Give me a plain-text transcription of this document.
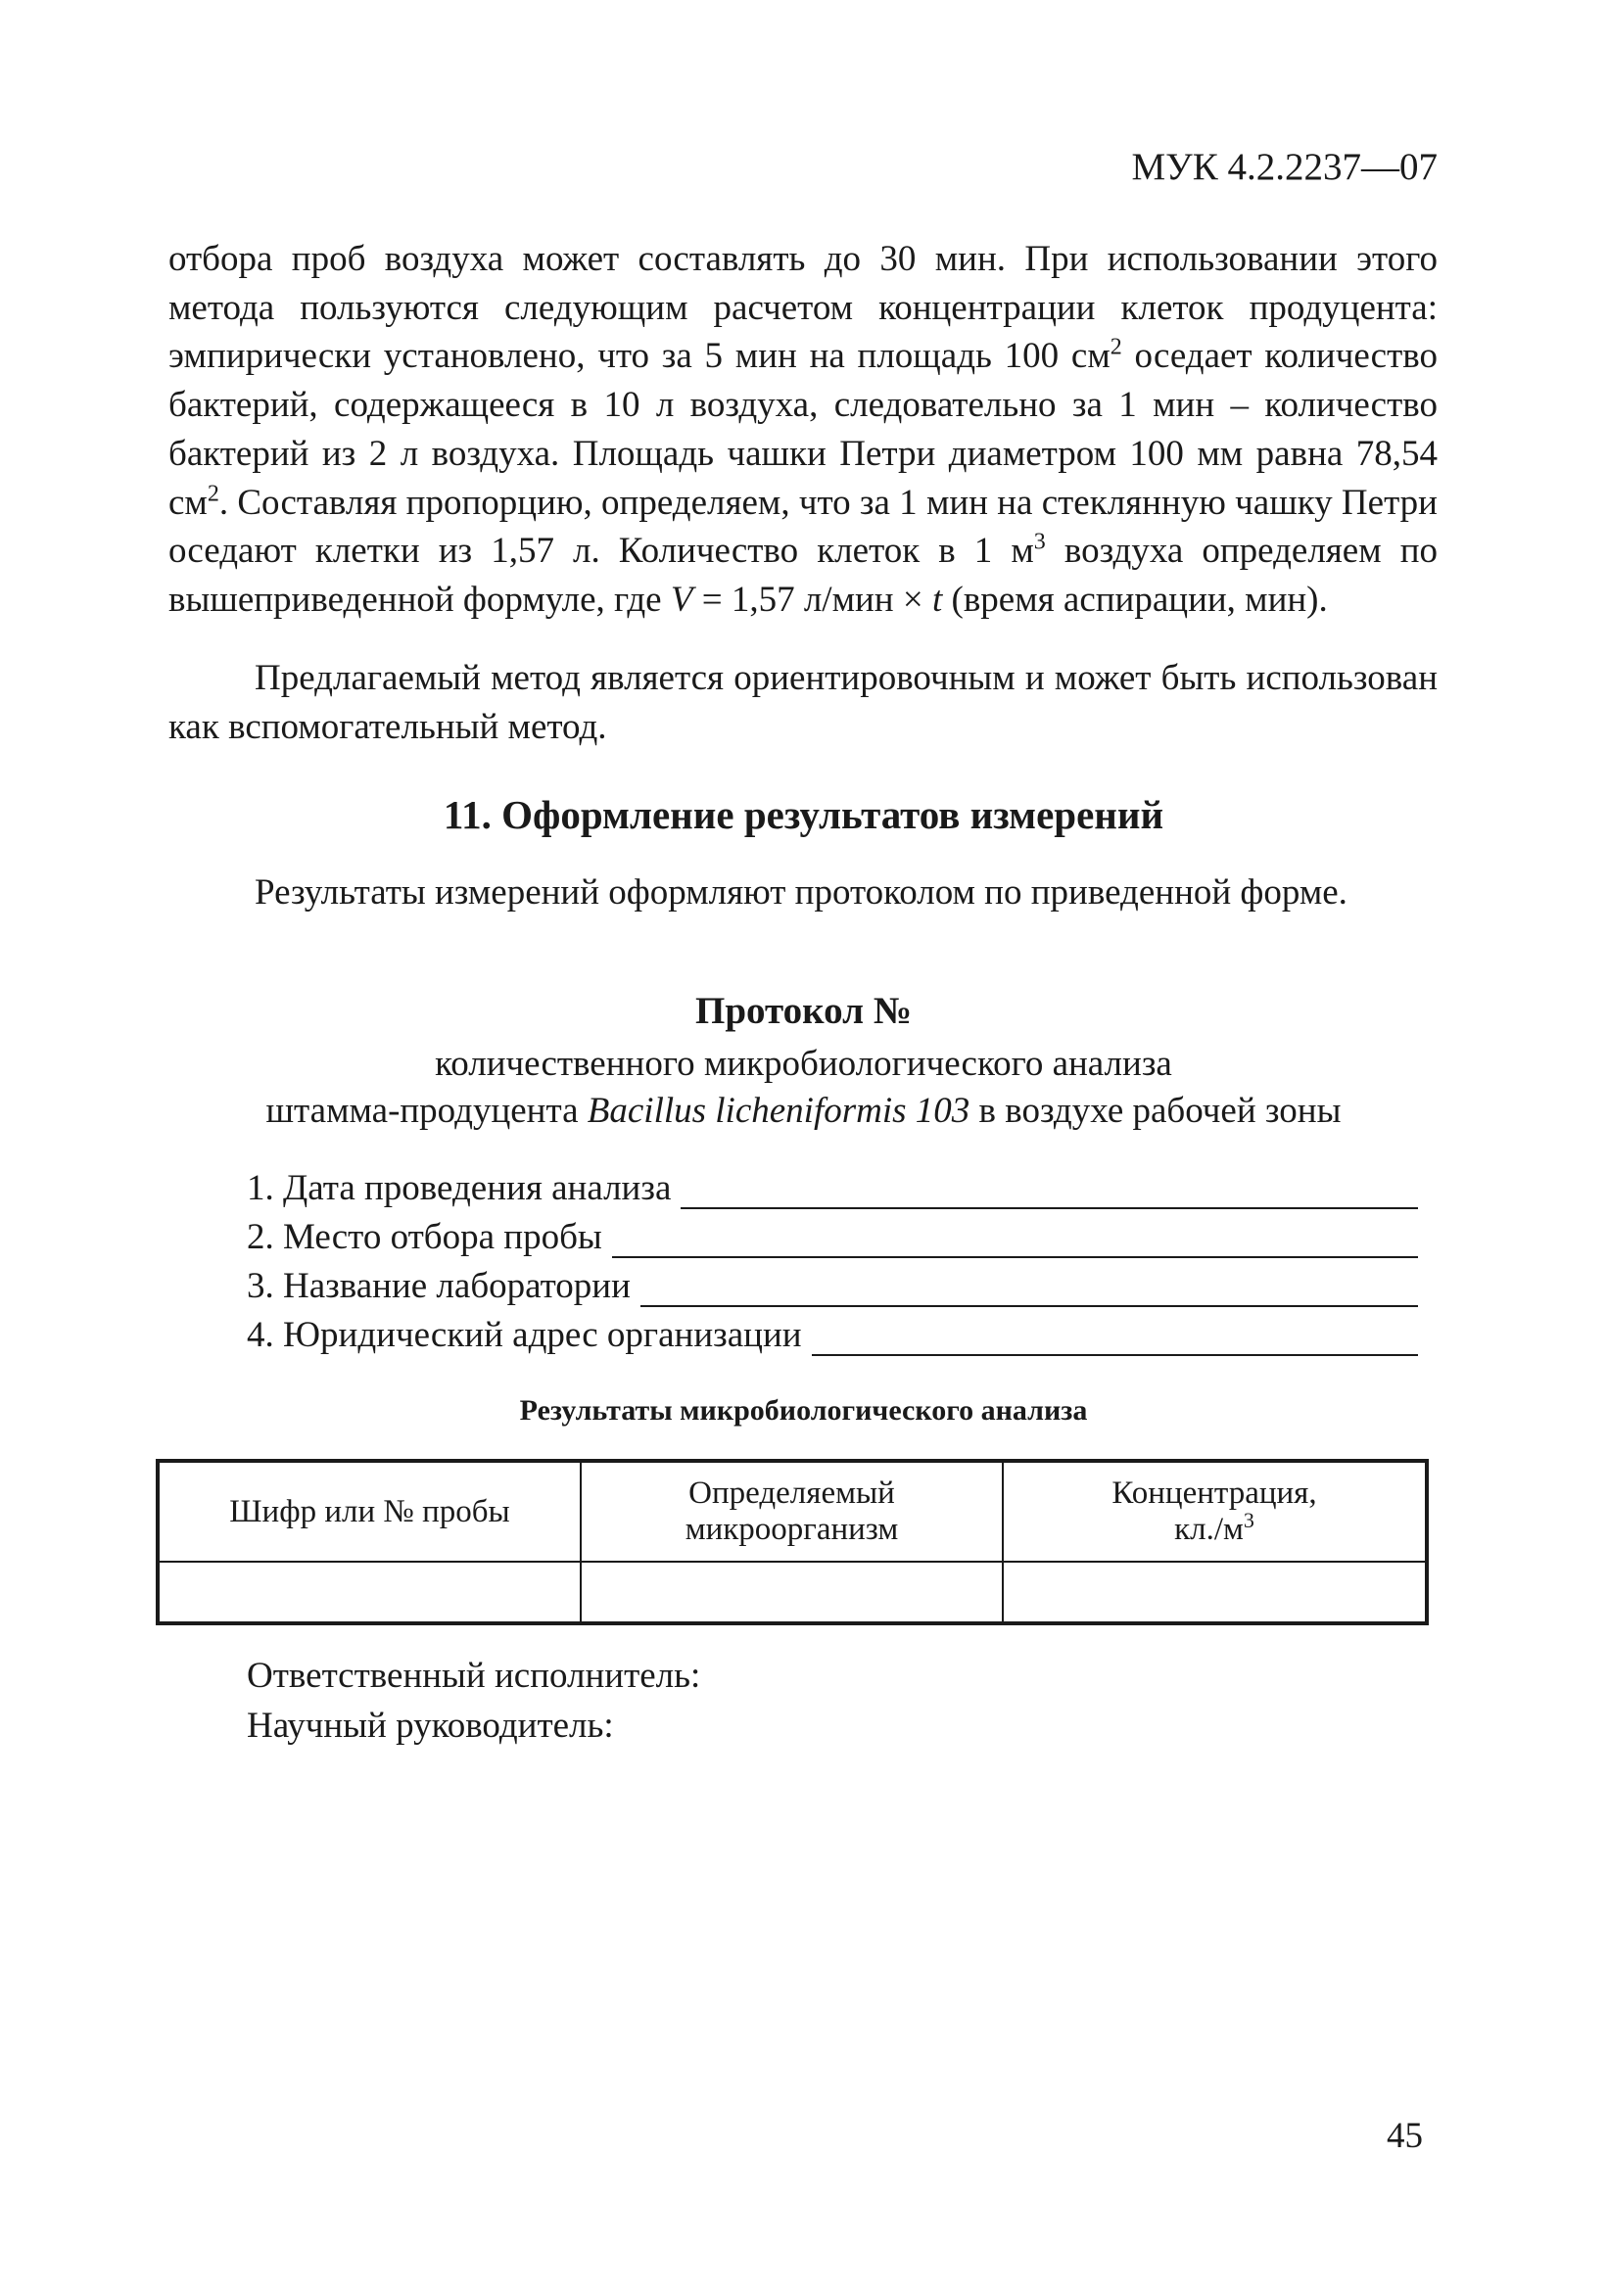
МУК 4.2.2237—07

отбора проб воздуха может составлять до 30 мин. При использовании этого метода пользуются следующим расчетом концентрации клеток продуцента: эмпирически установлено, что за 5 мин на площадь 100 $см^2$ оседает количество бактерий, содержащееся в 10 л воздуха, следовательно за 1 мин – количество бактерий из 2 л воздуха. Площадь чашки Петри диаметром 100 мм равна 78,54 $см^2$. Составляя пропорцию, определяем, что за 1 мин на стеклянную чашку Петри оседают клетки из 1,57 л. Количество клеток в 1 $м^3$ воздуха определяем по вышеприведенной формуле, где V = 1,57 л/мин × t (время аспирации, мин).

Предлагаемый метод является ориентировочным и может быть использован как вспомогательный метод.

11. Оформление результатов измерений

Результаты измерений оформляют протоколом по приведенной форме.

Протокол №
количественного микробиологического анализа
штамма-продуцента Bacillus licheniformis 103 в воздухе рабочей зоны
1. Дата проведения анализа
2. Место отбора пробы
3. Название лаборатории
4. Юридический адрес организации
Результаты микробиологического анализа
Шифр или № пробы	Определяемый микроорганизм	Концентрация, $кл./м^3$

Ответственный исполнитель:
Научный руководитель:
45
